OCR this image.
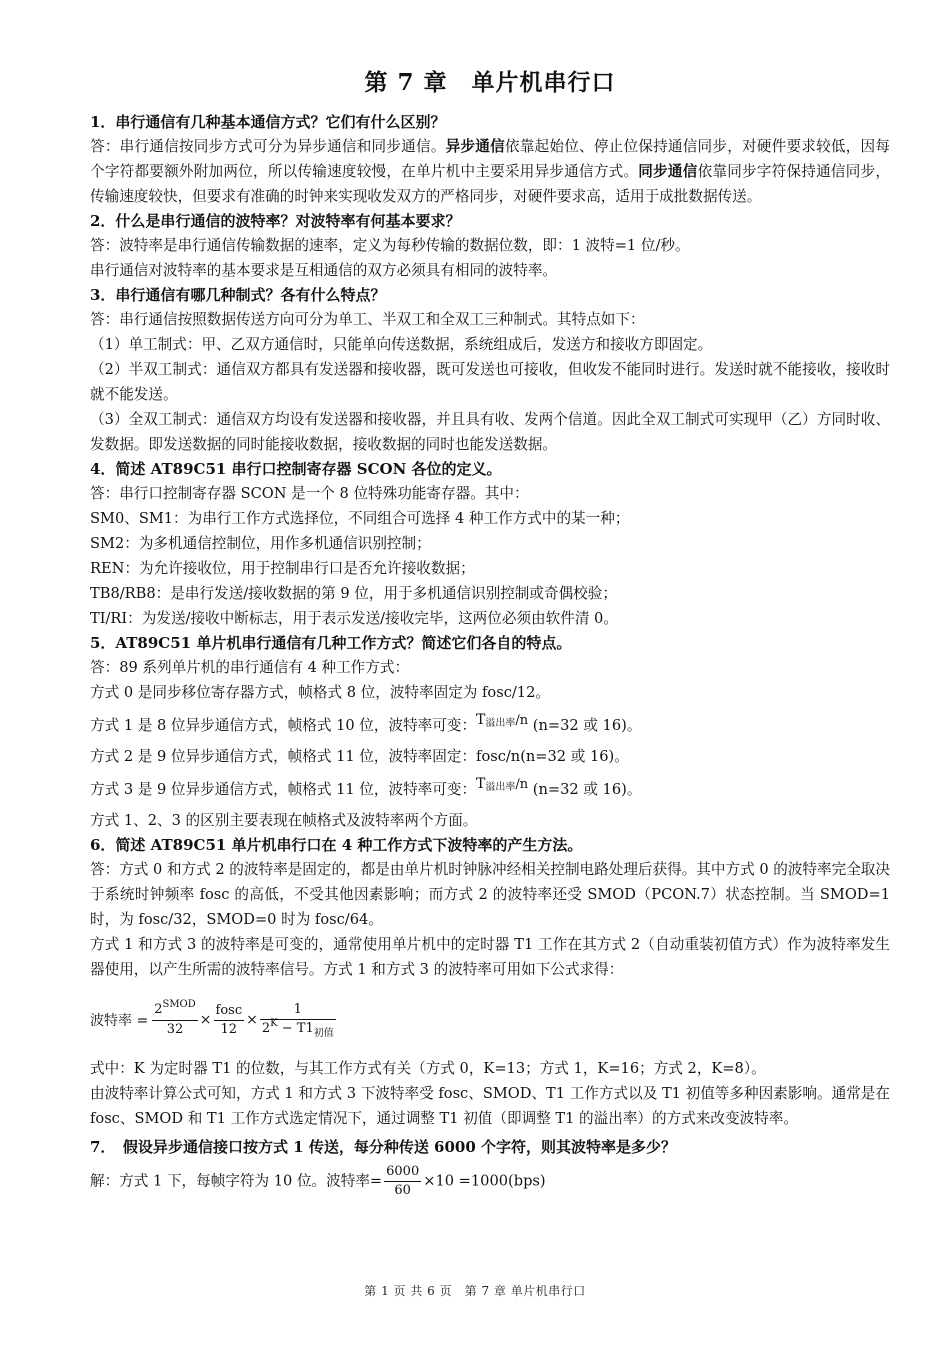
第 7 章　单片机串行口

1．串行通信有几种基本通信方式？它们有什么区别？

答：串行通信按同步方式可分为异步通信和同步通信。异步通信依靠起始位、停止位保持通信同步，对硬件要求较低，因每个字符都要额外附加两位，所以传输速度较慢，在单片机中主要采用异步通信方式。同步通信依靠同步字符保持通信同步，传输速度较快，但要求有准确的时钟来实现收发双方的严格同步，对硬件要求高，适用于成批数据传送。

2．什么是串行通信的波特率？对波特率有何基本要求？

答：波特率是串行通信传输数据的速率，定义为每秒传输的数据位数，即：1 波特=1 位/秒。

串行通信对波特率的基本要求是互相通信的双方必须具有相同的波特率。

3．串行通信有哪几种制式？各有什么特点？

答：串行通信按照数据传送方向可分为单工、半双工和全双工三种制式。其特点如下：

（1）单工制式：甲、乙双方通信时，只能单向传送数据，系统组成后，发送方和接收方即固定。

（2）半双工制式：通信双方都具有发送器和接收器，既可发送也可接收，但收发不能同时进行。发送时就不能接收，接收时就不能发送。

（3）全双工制式：通信双方均设有发送器和接收器，并且具有收、发两个信道。因此全双工制式可实现甲（乙）方同时收、发数据。即发送数据的同时能接收数据，接收数据的同时也能发送数据。

4．简述 AT89C51 串行口控制寄存器 SCON 各位的定义。

答：串行口控制寄存器 SCON 是一个 8 位特殊功能寄存器。其中：

SM0、SM1：为串行工作方式选择位，不同组合可选择 4 种工作方式中的某一种；

SM2：为多机通信控制位，用作多机通信识别控制；

REN：为允许接收位，用于控制串行口是否允许接收数据；

TB8/RB8：是串行发送/接收数据的第 9 位，用于多机通信识别控制或奇偶校验；

TI/RI：为发送/接收中断标志，用于表示发送/接收完毕，这两位必须由软件清 0。

5．AT89C51 单片机串行通信有几种工作方式？简述它们各自的特点。

答：89 系列单片机的串行通信有 4 种工作方式：

方式 0 是同步移位寄存器方式，帧格式 8 位，波特率固定为 fosc/12。

方式 1 是 8 位异步通信方式，帧格式 10 位，波特率可变：$T^{溢出率}/n$ (n=32 或 16)。

方式 2 是 9 位异步通信方式，帧格式 11 位，波特率固定：fosc/n(n=32 或 16)。

方式 3 是 9 位异步通信方式，帧格式 11 位，波特率可变：$T^{溢出率}/n$ (n=32 或 16)。

方式 1、2、3 的区别主要表现在帧格式及波特率两个方面。

6．简述 AT89C51 单片机串行口在 4 种工作方式下波特率的产生方法。

答：方式 0 和方式 2 的波特率是固定的，都是由单片机时钟脉冲经相关控制电路处理后获得。其中方式 0 的波特率完全取决于系统时钟频率 fosc 的高低，不受其他因素影响；而方式 2 的波特率还受 SMOD（PCON.7）状态控制。当 SMOD=1 时，为 fosc/32，SMOD=0 时为 fosc/64。

方式 1 和方式 3 的波特率是可变的，通常使用单片机中的定时器 T1 工作在其方式 2（自动重装初值方式）作为波特率发生器使用，以产生所需的波特率信号。方式 1 和方式 3 的波特率可用如下公式求得：

波特率 = $\frac{2^{SMOD}}{32} \times \frac{\text{fosc}}{12} \times \frac{1}{2^K - T1_{初值}}$

式中：K 为定时器 T1 的位数，与其工作方式有关（方式 0，K=13；方式 1，K=16；方式 2，K=8）。

由波特率计算公式可知，方式 1 和方式 3 下波特率受 fosc、SMOD、T1 工作方式以及 T1 初值等多种因素影响。通常是在 fosc、SMOD 和 T1 工作方式选定情况下，通过调整 T1 初值（即调整 T1 的溢出率）的方式来改变波特率。

7．　假设异步通信接口按方式 1 传送，每分种传送 6000 个字符，则其波特率是多少？

解：方式 1 下，每帧字符为 10 位。波特率= $\frac{6000}{60} \times 10 =1000(bps)$

第 1 页 共 6 页　第 7 章 单片机串行口
